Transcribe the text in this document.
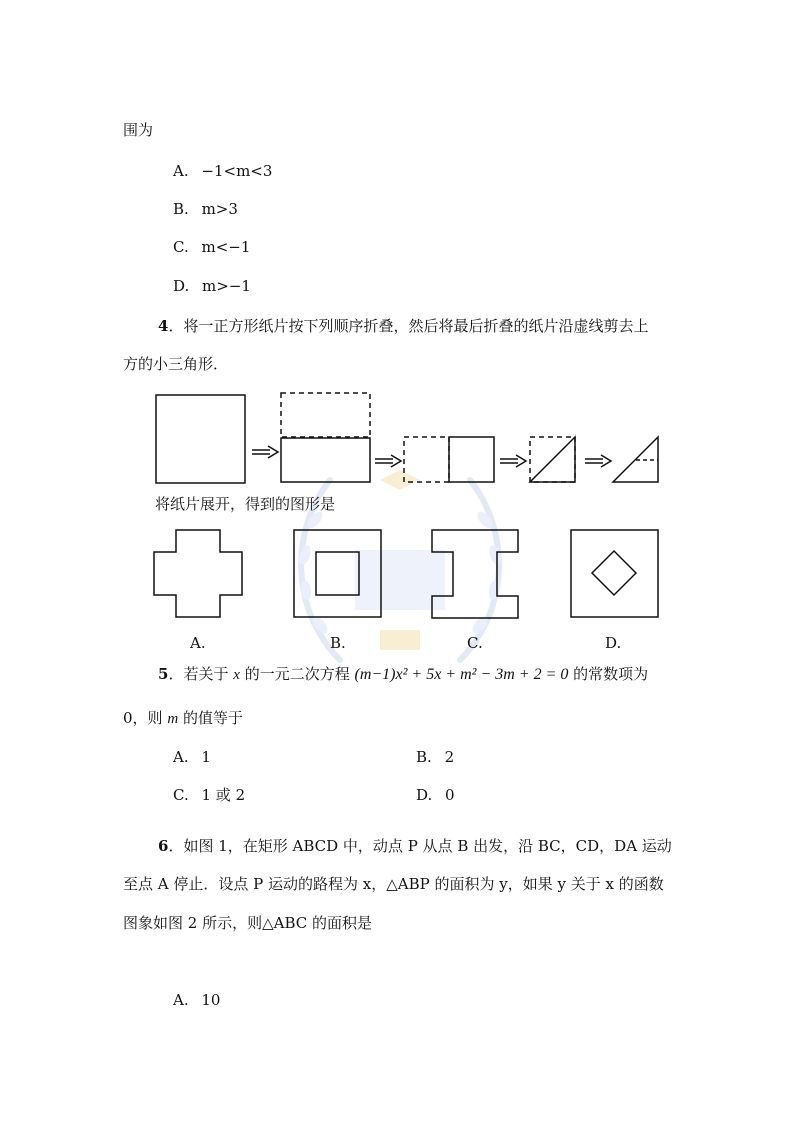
围为
A. −1<m<3
B. m>3
C. m<−1
D. m>−1
4．将一正方形纸片按下列顺序折叠，然后将最后折叠的纸片沿虚线剪去上
方的小三角形．
将纸片展开，得到的图形是
A.	B.	C.	D.
5．若关于 x 的一元二次方程 (m−1)x² + 5x + m² − 3m + 2 = 0 的常数项为
0，则 m 的值等于
A. 1	B. 2
C. 1 或 2	D. 0
6．如图 1，在矩形 ABCD 中，动点 P 从点 B 出发，沿 BC，CD，DA 运动
至点 A 停止．设点 P 运动的路程为 x，△ABP 的面积为 y，如果 y 关于 x 的函数
图象如图 2 所示，则△ABC 的面积是
A. 10
